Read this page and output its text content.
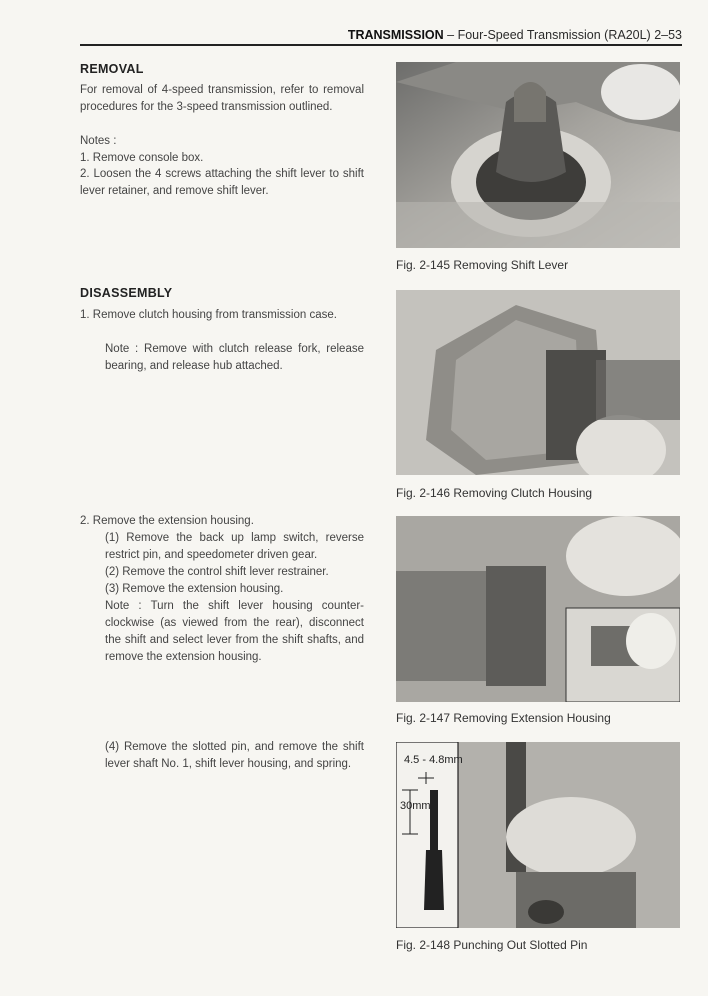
TRANSMISSION – Four-Speed Transmission (RA20L) 2–53
REMOVAL
For removal of 4-speed transmission, refer to removal procedures for the 3-speed transmission outlined.
Notes :
1. Remove console box.
2. Loosen the 4 screws attaching the shift lever to shift lever retainer, and remove shift lever.
DISASSEMBLY
1. Remove clutch housing from transmission case.
Note : Remove with clutch release fork, release bearing, and release hub attached.
2. Remove the extension housing.
(1) Remove the back up lamp switch, reverse restrict pin, and speedometer driven gear.
(2) Remove the control shift lever restrainer.
(3) Remove the extension housing.
Note : Turn the shift lever housing counter-clockwise (as viewed from the rear), disconnect the shift and select lever from the shift shafts, and remove the extension housing.
(4) Remove the slotted pin, and remove the shift lever shaft No. 1, shift lever housing, and spring.
Fig. 2-145 Removing Shift Lever
Fig. 2-146 Removing Clutch Housing
Fig. 2-147 Removing Extension Housing
4.5 - 4.8mm
30mm
Fig. 2-148 Punching Out Slotted Pin
